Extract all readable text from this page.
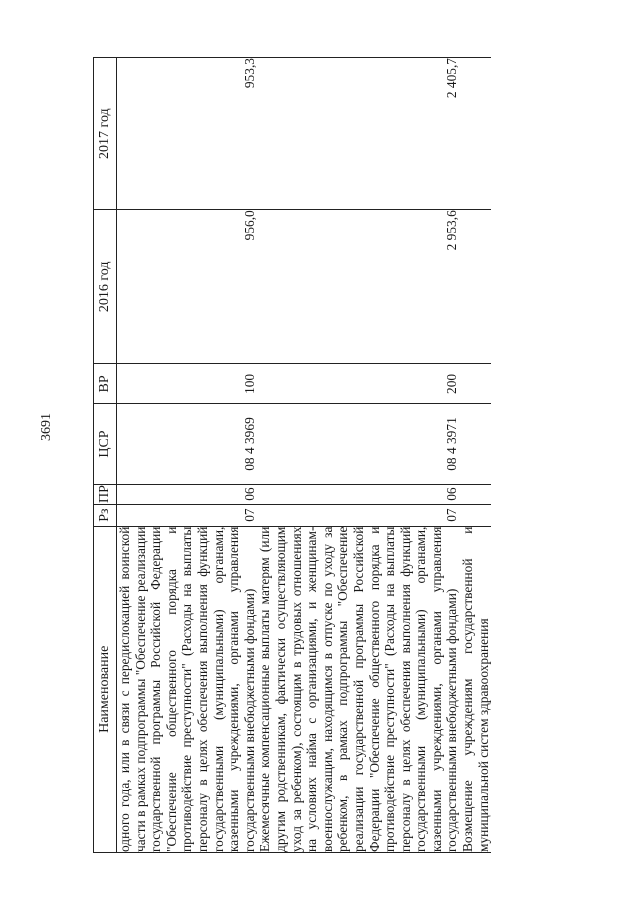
3691
Наименование	Рз	ПР	ЦСР	ВР	2016 год	2017 год
одного года, или в связи с передислокацией воинской части в рамках подпрограммы "Обеспечение реализации государственной программы Российской Федерации "Обеспечение общественного порядка и противодействие преступности" (Расходы на выплаты персоналу в целях обеспечения выполнения функций государственными (муниципальными) органами, казенными учреждениями, органами управления государственными внебюджетными фондами)	07	06	08 4 3969	100	956,0	953,3
Ежемесячные компенсационные выплаты матерям (или другим родственникам, фактически осуществляющим уход за ребенком), состоящим в трудовых отношениях на условиях найма с организациями, и женщинам-военнослужащим, находящимся в отпуске по уходу за ребенком, в рамках подпрограммы "Обеспечение реализации государственной программы Российской Федерации "Обеспечение общественного порядка и противодействие преступности" (Расходы на выплаты персоналу в целях обеспечения выполнения функций государственными (муниципальными) органами, казенными учреждениями, органами управления государственными внебюджетными фондами)	07	06	08 4 3971	200	2 953,6	2 405,7
Возмещение учреждениям государственной и муниципальной систем здравоохранения						
